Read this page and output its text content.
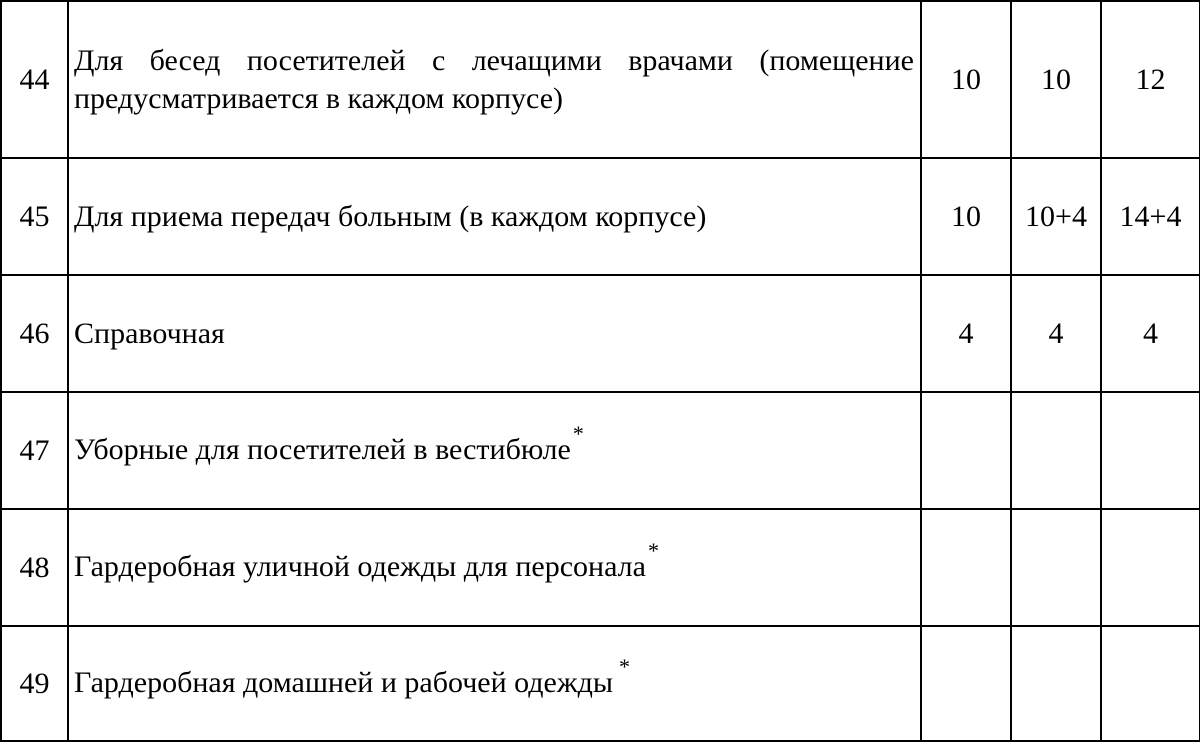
44	Для бесед посетителей с лечащими врачами (помещение предусматривается в каждом корпусе)	10	10	12
45	Для приема передач больным (в каждом корпусе)	10	10+4	14+4
46	Справочная	4	4	4
47	Уборные для посетителей в вестибюле*			
48	Гардеробная уличной одежды для персонала*			
49	Гардеробная домашней и рабочей одежды *			
